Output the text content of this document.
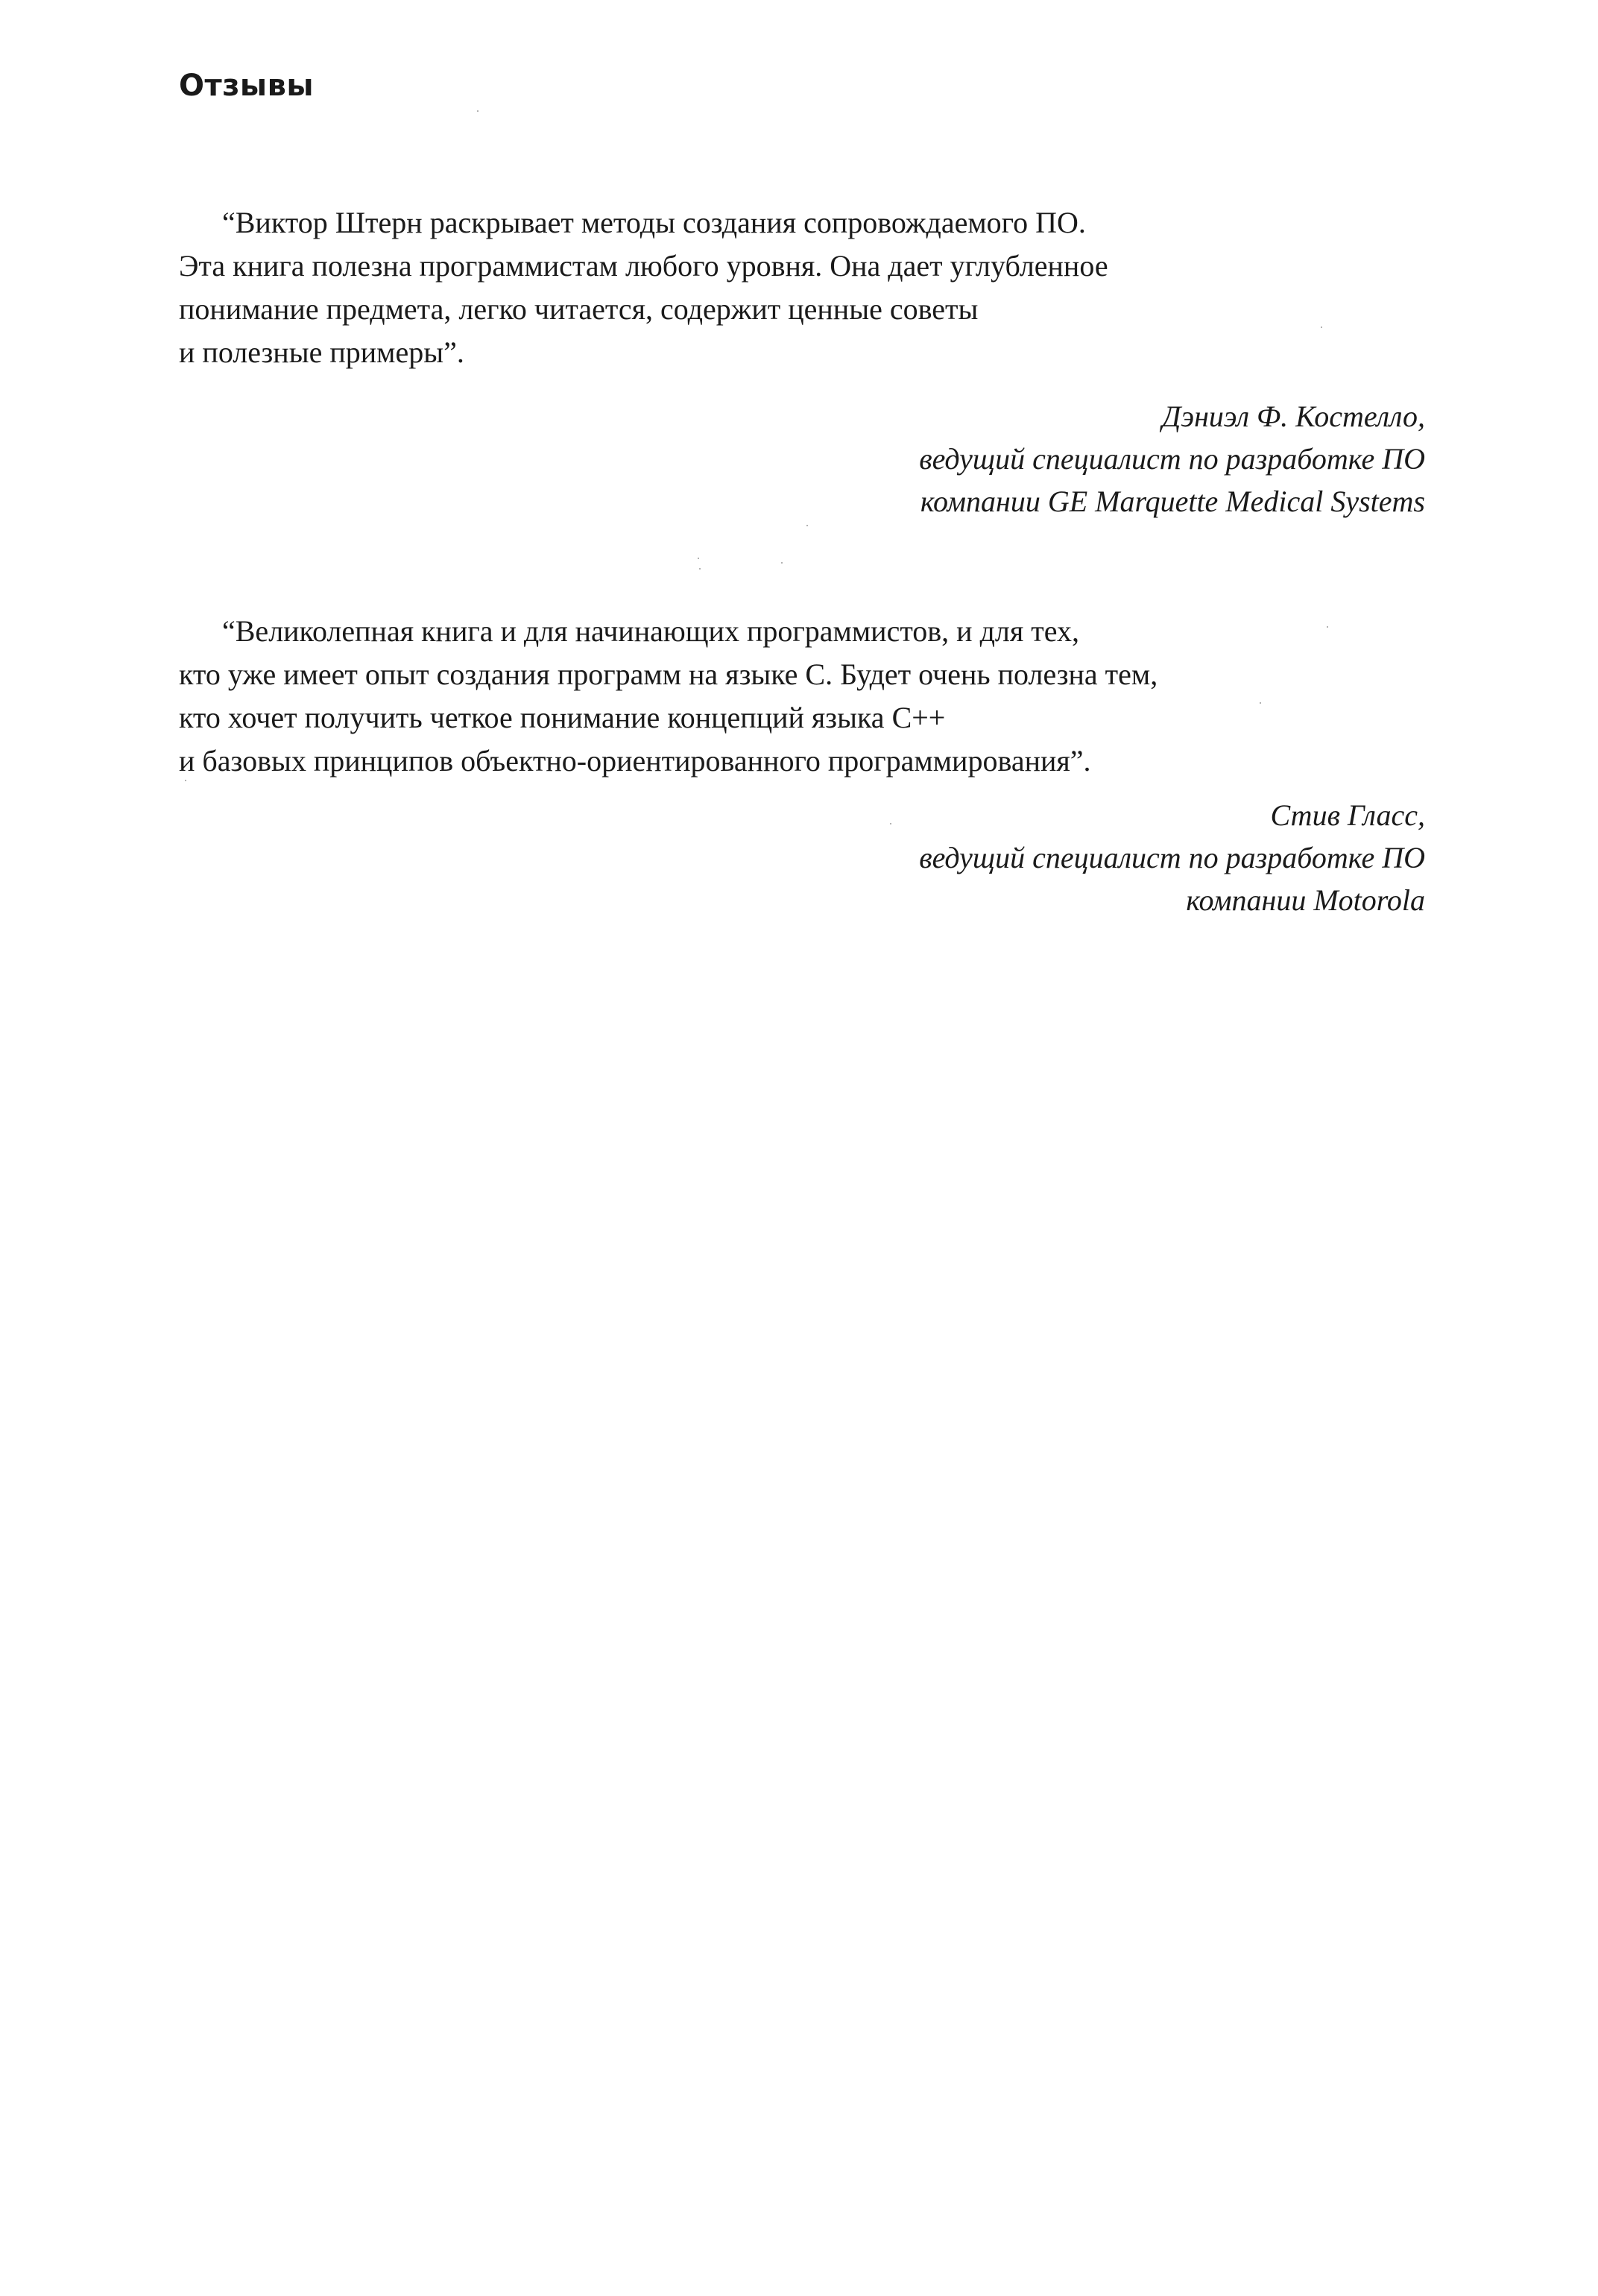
Отзывы
“Виктор Штерн раскрывает методы создания сопровождаемого ПО.
Эта книга полезна программистам любого уровня. Она дает углубленное
понимание предмета, легко читается, содержит ценные советы
и полезные примеры”.
Дэниэл Ф. Костелло,
ведущий специалист по разработке ПО
компании GE Marquette Medical Systems
“Великолепная книга и для начинающих программистов, и для тех,
кто уже имеет опыт создания программ на языке C. Будет очень полезна тем,
кто хочет получить четкое понимание концепций языка C++
и базовых принципов объектно-ориентированного программирования”.
Стив Гласс,
ведущий специалист по разработке ПО
компании Motorola
